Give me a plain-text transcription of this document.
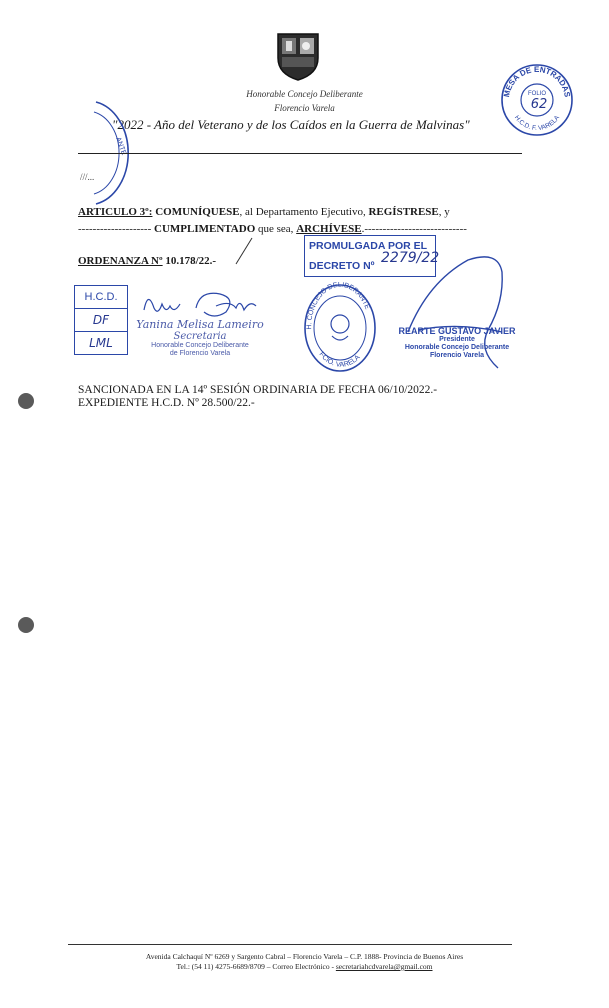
Honorable Concejo Deliberante
Florencio Varela
"2022 - Año del Veterano y de los Caídos en la Guerra de Malvinas"
MESA DE ENTRADAS
H.C.D. F. VARELA
FOLIO
62
ANTE
///...
ARTICULO 3º: COMUNÍQUESE, al Departamento Ejecutivo, REGÍSTRESE, y
-------------------- CUMPLIMENTADO que sea, ARCHÍVESE.----------------------------
ORDENANZA Nº 10.178/22.-
PROMULGADA POR EL
DECRETO Nº 2279/22
H.C.D.
DF
LML
Yanina Melisa Lameiro
Secretaria
Honorable Concejo Deliberante
de Florencio Varela
H. CONCEJO DELIBERANTE
FCIO. VARELA
REARTE GUSTAVO JAVIER
Presidente
Honorable Concejo Deliberante
Florencio Varela
SANCIONADA EN LA 14º SESIÓN ORDINARIA DE FECHA 06/10/2022.-
EXPEDIENTE H.C.D. Nº 28.500/22.-
Avenida Calchaquí Nº 6269 y Sargento Cabral – Florencio Varela – C.P. 1888- Provincia de Buenos Aires
Tel.: (54 11) 4275-6689/8709 – Correo Electrónico - secretariahcdvarela@gmail.com
